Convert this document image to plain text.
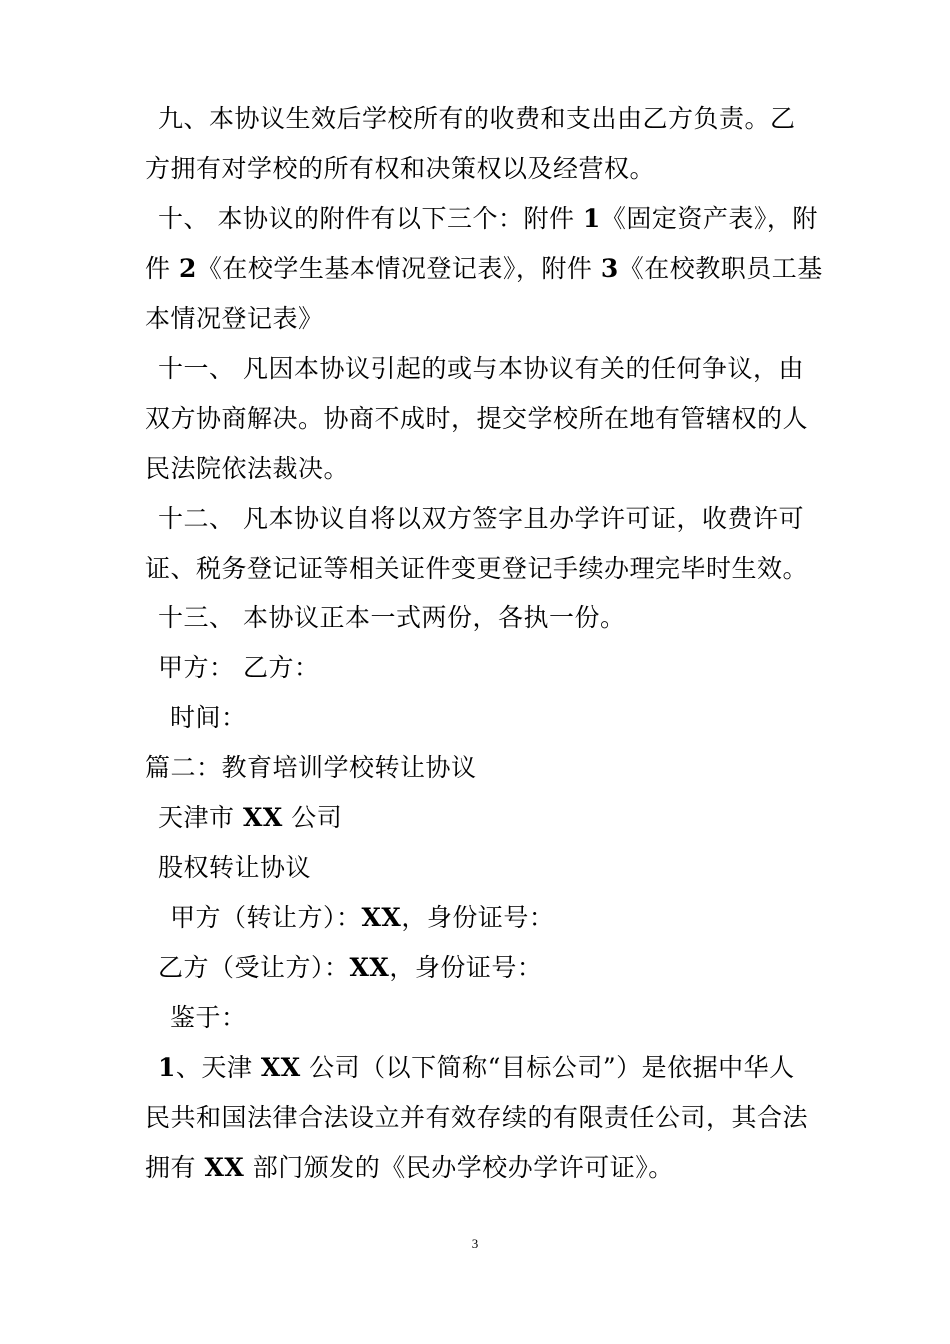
九、本协议生效后学校所有的收费和支出由乙方负责。乙
方拥有对学校的所有权和决策权以及经营权。
十、 本协议的附件有以下三个：附件 1《固定资产表》，附
件 2《在校学生基本情况登记表》，附件 3《在校教职员工基
本情况登记表》
十一、 凡因本协议引起的或与本协议有关的任何争议，由
双方协商解决。协商不成时，提交学校所在地有管辖权的人
民法院依法裁决。
十二、 凡本协议自将以双方签字且办学许可证，收费许可
证、税务登记证等相关证件变更登记手续办理完毕时生效。
十三、 本协议正本一式两份，各执一份。
甲方： 乙方：
时间：
篇二：教育培训学校转让协议
天津市 XX 公司
股权转让协议
甲方（转让方）：XX，身份证号：
乙方（受让方）：XX，身份证号：
鉴于：
1、天津 XX 公司（以下简称“目标公司”）是依据中华人
民共和国法律合法设立并有效存续的有限责任公司，其合法
拥有 XX 部门颁发的《民办学校办学许可证》。
3
